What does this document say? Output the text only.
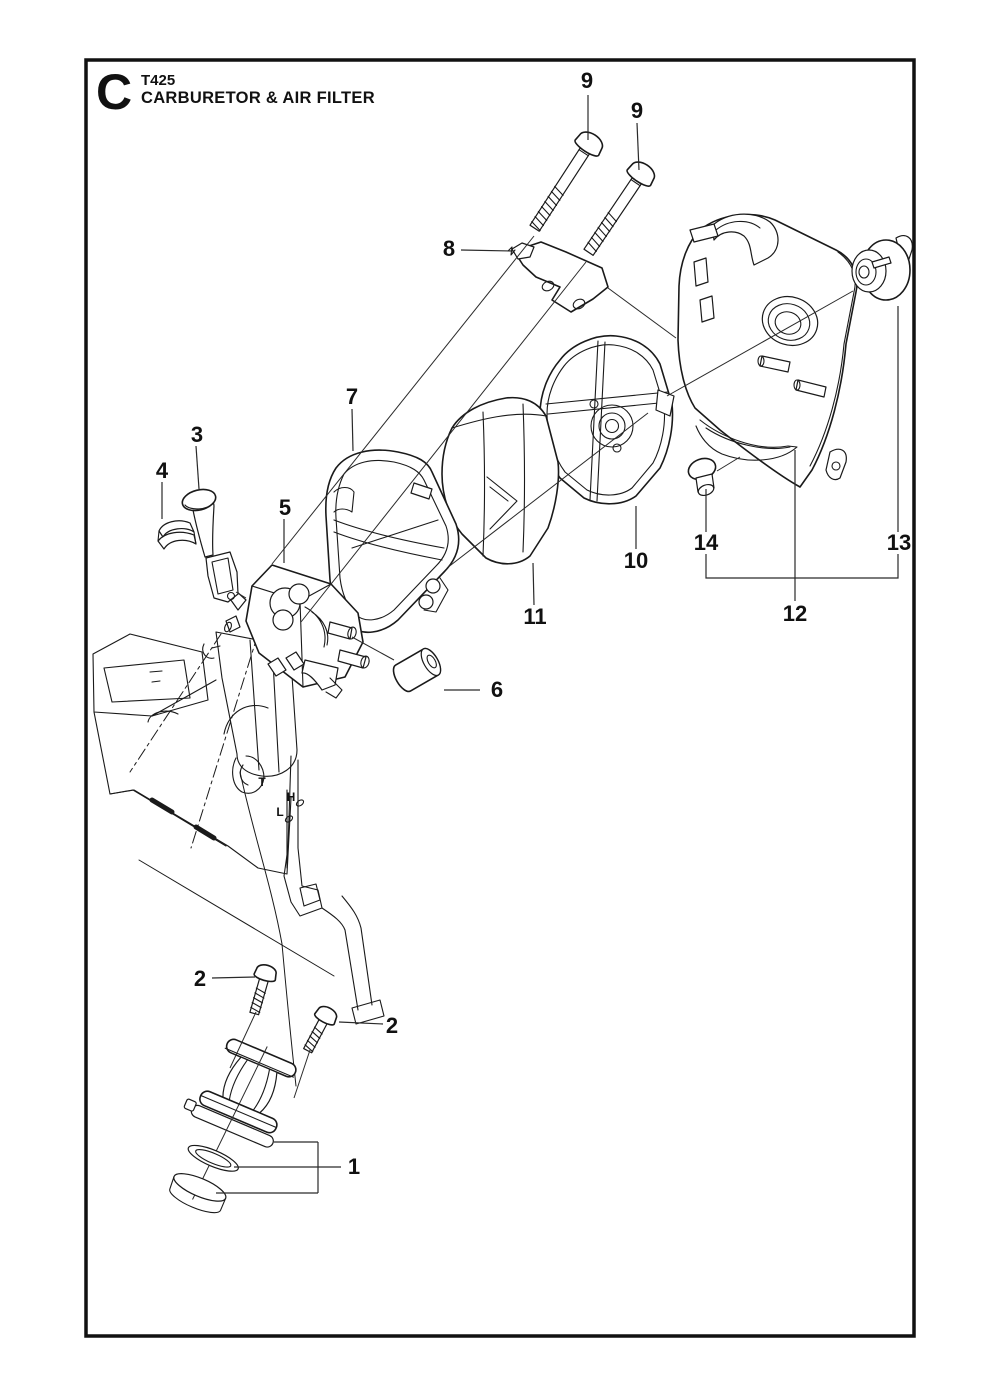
9
9
8
7
3
4
5
10
11
14	13
12
6
2
2
1
T
H
L
C T425
CARBURETOR & AIR FILTER
